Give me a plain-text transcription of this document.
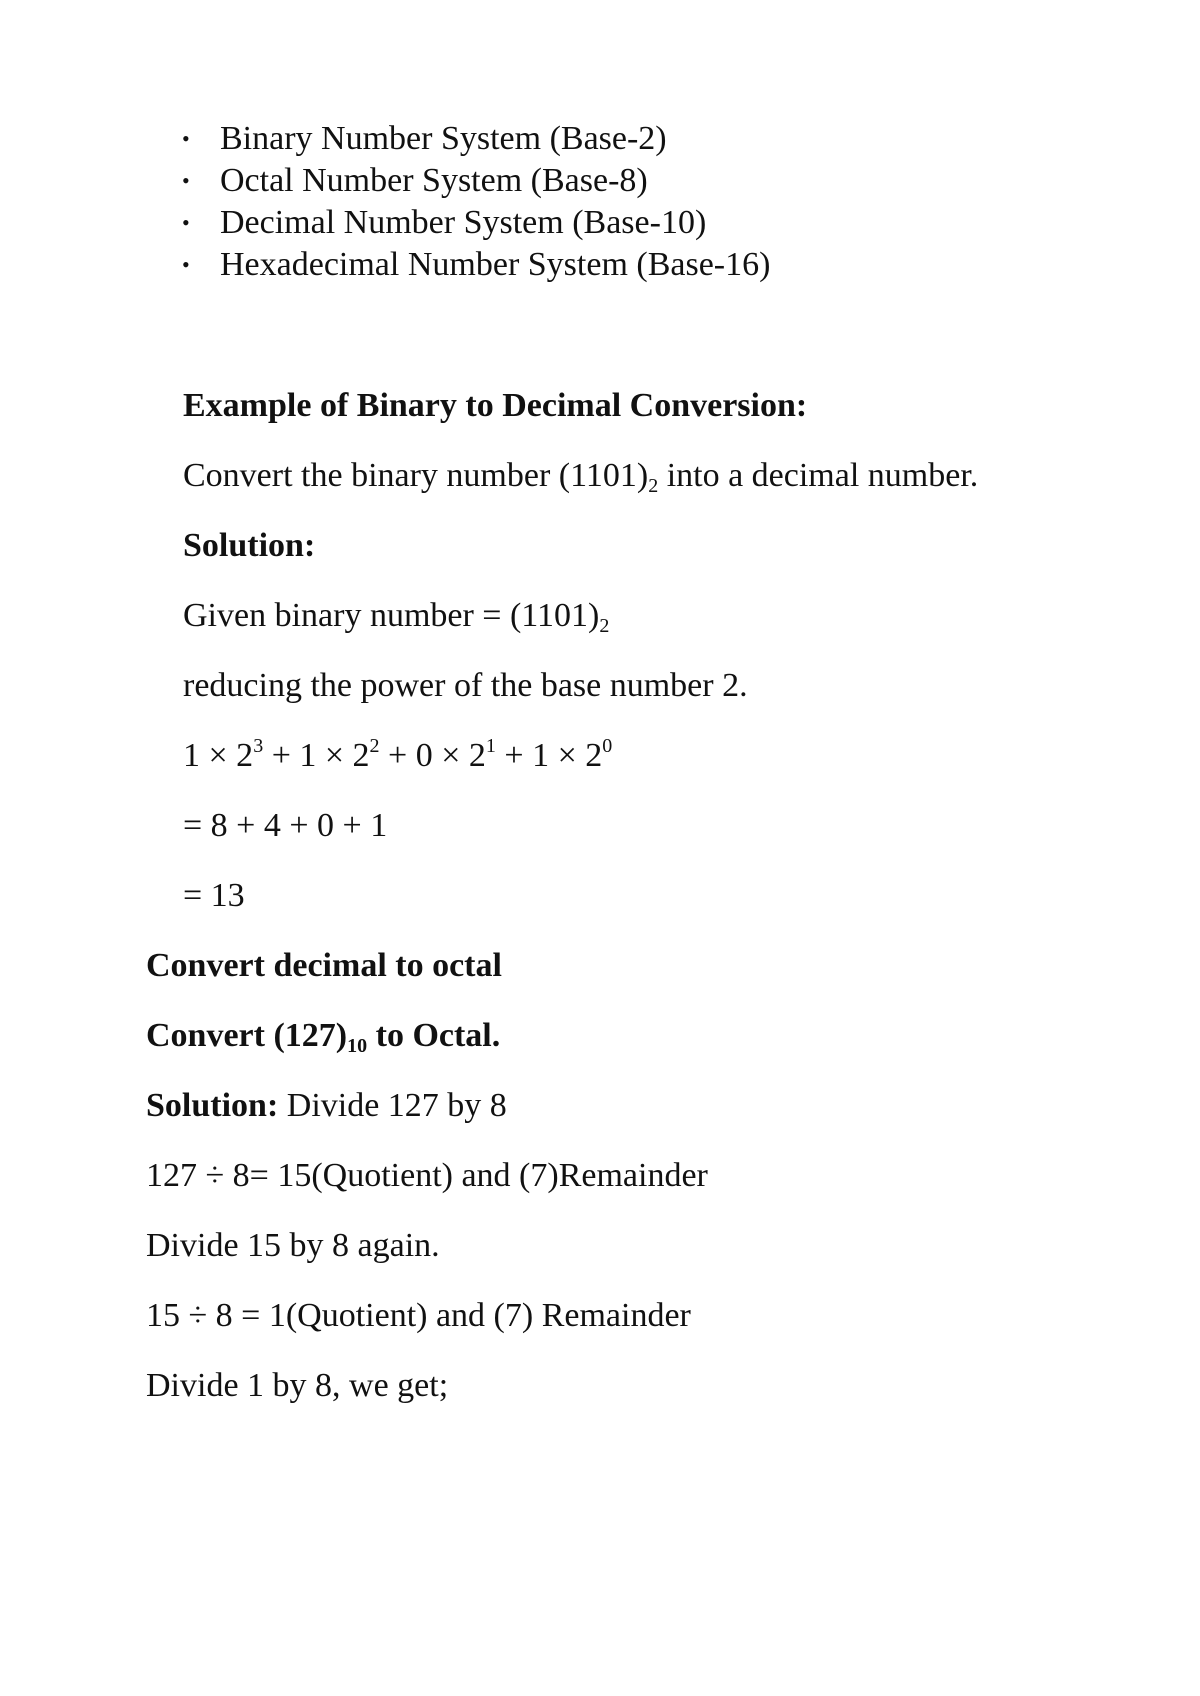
• Binary Number System (Base-2)
• Octal Number System (Base-8)
• Decimal Number System (Base-10)
• Hexadecimal Number System (Base-16)
Example of Binary to Decimal Conversion:
Convert the binary number $(1101)_2$ into a decimal number.
Solution:
Given binary number = $(1101)_2$
reducing the power of the base number 2.
$1 \times 2^3 + 1 \times 2^2 + 0 \times 2^1 + 1 \times 2^0$
= 8 + 4 + 0 + 1
= 13
Convert decimal to octal
Convert $(127)_{10}$ to Octal.
Solution: Divide 127 by 8
127 ÷ 8= 15(Quotient) and (7)Remainder
Divide 15 by 8 again.
15 ÷ 8 = 1(Quotient) and (7) Remainder
Divide 1 by 8, we get;
